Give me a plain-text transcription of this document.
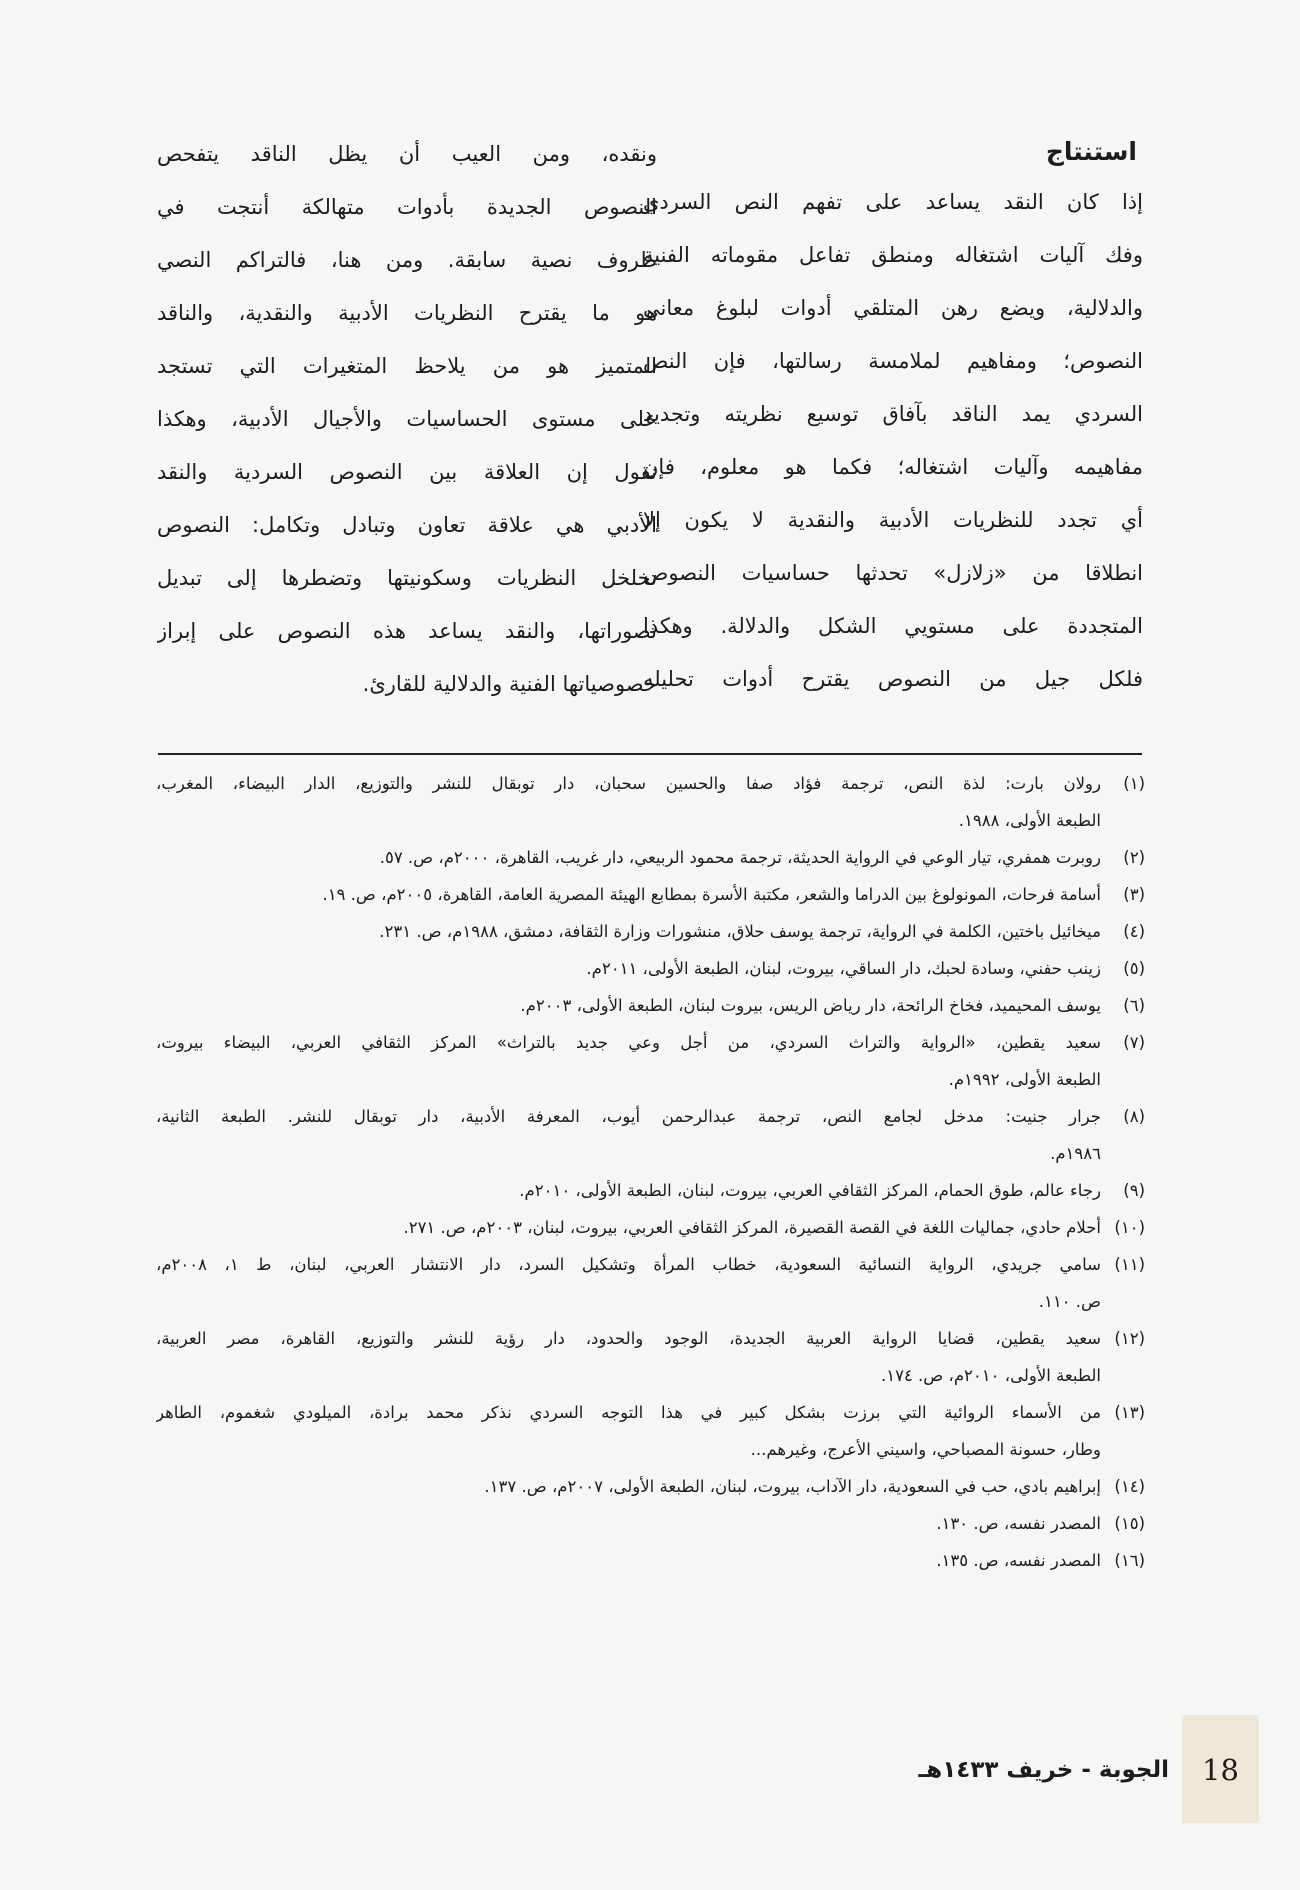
استنتاج
إذا كان النقد يساعد على تفهم النص السردي
وفك آليات اشتغاله ومنطق تفاعل مقوماته الفنية
والدلالية، ويضع رهن المتلقي أدوات لبلوغ معاني
النصوص؛ ومفاهيم لملامسة رسالتها، فإن النص
السردي يمد الناقد بآفاق توسيع نظريته وتجديد
مفاهيمه وآليات اشتغاله؛ فكما هو معلوم، فإن
أي تجدد للنظريات الأدبية والنقدية لا يكون إلا
انطلاقا من «زلازل» تحدثها حساسيات النصوص
المتجددة على مستويي الشكل والدلالة. وهكذا
فلكل جيل من النصوص يقترح أدوات تحليله
ونقده، ومن العيب أن يظل الناقد يتفحص
النصوص الجديدة بأدوات متهالكة أنتجت في
ظروف نصية سابقة. ومن هنا، فالتراكم النصي
هو ما يقترح النظريات الأدبية والنقدية، والناقد
المتميز هو من يلاحظ المتغيرات التي تستجد
على مستوى الحساسيات والأجيال الأدبية، وهكذا
نقول إن العلاقة بين النصوص السردية والنقد
الأدبي هي علاقة تعاون وتبادل وتكامل: النصوص
تخلخل النظريات وسكونيتها وتضطرها إلى تبديل
تصوراتها، والنقد يساعد هذه النصوص على إبراز
خصوصياتها الفنية والدلالية للقارئ.
(١)
رولان بارت: لذة النص، ترجمة فؤاد صفا والحسين سحبان، دار توبقال للنشر والتوزيع، الدار البيضاء، المغرب،
الطبعة الأولى، ١٩٨٨.
(٢)
روبرت همفري، تيار الوعي في الرواية الحديثة، ترجمة محمود الربيعي، دار غريب، القاهرة، ٢٠٠٠م، ص. ٥٧.
(٣)
أسامة فرحات، المونولوغ بين الدراما والشعر، مكتبة الأسرة بمطابع الهيئة المصرية العامة، القاهرة، ٢٠٠٥م، ص. ١٩.
(٤)
ميخائيل باختين، الكلمة في الرواية، ترجمة يوسف حلاق، منشورات وزارة الثقافة، دمشق، ١٩٨٨م، ص. ٢٣١.
(٥)
زينب حفني، وسادة لحبك، دار الساقي، بيروت، لبنان، الطبعة الأولى، ٢٠١١م.
(٦)
يوسف المحيميد، فخاخ الرائحة، دار رياض الريس، بيروت لبنان، الطبعة الأولى، ٢٠٠٣م.
(٧)
سعيد يقطين، «الرواية والتراث السردي، من أجل وعي جديد بالتراث» المركز الثقافي العربي، البيضاء بيروت،
الطبعة الأولى، ١٩٩٢م.
(٨)
جرار جنيت: مدخل لجامع النص، ترجمة عبدالرحمن أيوب، المعرفة الأدبية، دار توبقال للنشر. الطبعة الثانية،
١٩٨٦م.
(٩)
رجاء عالم، طوق الحمام، المركز الثقافي العربي، بيروت، لبنان، الطبعة الأولى، ٢٠١٠م.
(١٠)
أحلام حادي، جماليات اللغة في القصة القصيرة، المركز الثقافي العربي، بيروت، لبنان، ٢٠٠٣م، ص. ٢٧١.
(١١)
سامي جريدي، الرواية النسائية السعودية، خطاب المرأة وتشكيل السرد، دار الانتشار العربي، لبنان، ط ١، ٢٠٠٨م،
ص. ١١٠.
(١٢)
سعيد يقطين، قضايا الرواية العربية الجديدة، الوجود والحدود، دار رؤية للنشر والتوزيع، القاهرة، مصر العربية،
الطبعة الأولى، ٢٠١٠م، ص. ١٧٤.
(١٣)
من الأسماء الروائية التي برزت بشكل كبير في هذا التوجه السردي نذكر محمد برادة، الميلودي شغموم، الطاهر
وطار، حسونة المصباحي، واسيني الأعرج، وغيرهم...
(١٤)
إبراهيم بادي، حب في السعودية، دار الآداب، بيروت، لبنان، الطبعة الأولى، ٢٠٠٧م، ص. ١٣٧.
(١٥)
المصدر نفسه، ص. ١٣٠.
(١٦)
المصدر نفسه، ص. ١٣٥.
18
الجوبة - خريف ١٤٣٣هـ
